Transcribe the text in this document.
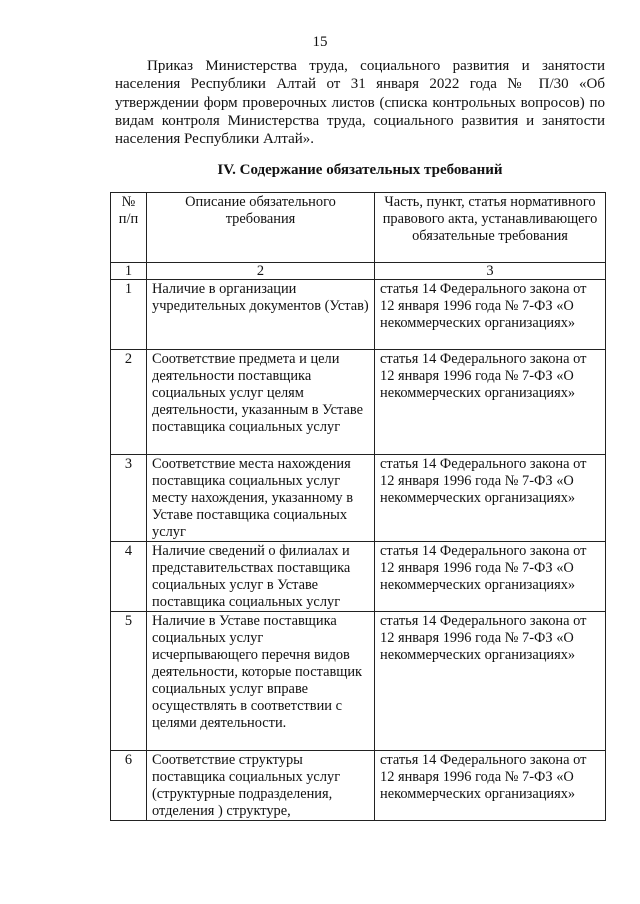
15

Приказ Министерства труда, социального развития и занятости населения Республики Алтай от 31 января 2022 года № П/30 «Об утверждении форм проверочных листов (списка контрольных вопросов) по видам контроля Министерства труда, социального развития и занятости населения Республики Алтай».

IV. Содержание обязательных требований
№ п/п	Описание обязательного требования	Часть, пункт, статья нормативного правового акта, устанавливающего обязательные требования
1	2	3
1	Наличие в организации учредительных документов (Устав)	статья 14 Федерального закона от 12 января 1996 года № 7-ФЗ «О некоммерческих организациях»
2	Соответствие предмета и цели деятельности поставщика социальных услуг целям деятельности, указанным в Уставе поставщика социальных услуг	статья 14 Федерального закона от 12 января 1996 года № 7-ФЗ «О некоммерческих организациях»
3	Соответствие места нахождения поставщика социальных услуг месту нахождения, указанному в Уставе поставщика социальных услуг	статья 14 Федерального закона от 12 января 1996 года № 7-ФЗ «О некоммерческих организациях»
4	Наличие сведений о филиалах и представительствах поставщика социальных услуг в Уставе поставщика социальных услуг	статья 14 Федерального закона от 12 января 1996 года № 7-ФЗ «О некоммерческих организациях»
5	Наличие в Уставе поставщика социальных услуг исчерпывающего перечня видов деятельности, которые поставщик социальных услуг вправе осуществлять в соответствии с целями деятельности.	статья 14 Федерального закона от 12 января 1996 года № 7-ФЗ «О некоммерческих организациях»
6	Соответствие структуры поставщика социальных услуг (структурные подразделения, отделения ) структуре,	статья 14 Федерального закона от 12 января 1996 года № 7-ФЗ «О некоммерческих организациях»
